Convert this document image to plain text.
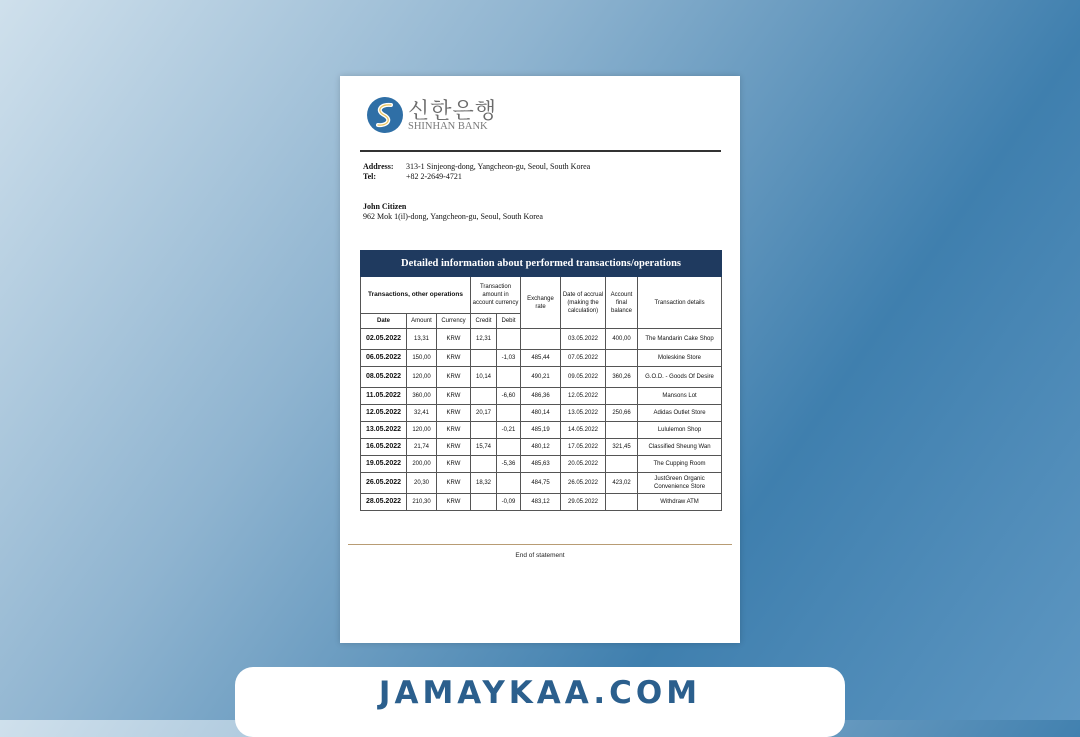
신한은행
SHINHAN BANK
Address: 313-1 Sinjeong-dong, Yangcheon-gu, Seoul, South Korea
Tel:	+82 2-2649-4721
John Citizen
962 Mok 1(il)-dong, Yangcheon-gu, Seoul, South Korea
Detailed information about performed transactions/operations								
Transactions, other operations			Transaction amount in account currency		Exchange rate	Date of accrual (making the calculation)	Account final balance	Transaction details
Date	Amount	Currency	Credit	Debit				
02.05.2022	13,31	KRW	12,31			03.05.2022	400,00	The Mandarin Cake Shop
06.05.2022	150,00	KRW		-1,03	485,44	07.05.2022		Moleskine Store
08.05.2022	120,00	KRW	10,14		490,21	09.05.2022	360,26	G.O.D. - Goods Of Desire
11.05.2022	360,00	KRW		-6,60	486,36	12.05.2022		Mansons Lot
12.05.2022	32,41	KRW	20,17		480,14	13.05.2022	250,66	Adidas Outlet Store
13.05.2022	120,00	KRW		-0,21	485,19	14.05.2022		Lululemon Shop
16.05.2022	21,74	KRW	15,74		480,12	17.05.2022	321,45	Classified Sheung Wan
19.05.2022	200,00	KRW		-5,36	485,63	20.05.2022		The Cupping Room
26.05.2022	20,30	KRW	18,32		484,75	26.05.2022	423,02	JustGreen Organic Convenience Store
28.05.2022	210,30	KRW		-0,09	483,12	29.05.2022		Withdraw ATM
End of statement
JAMAYKAA.COM
